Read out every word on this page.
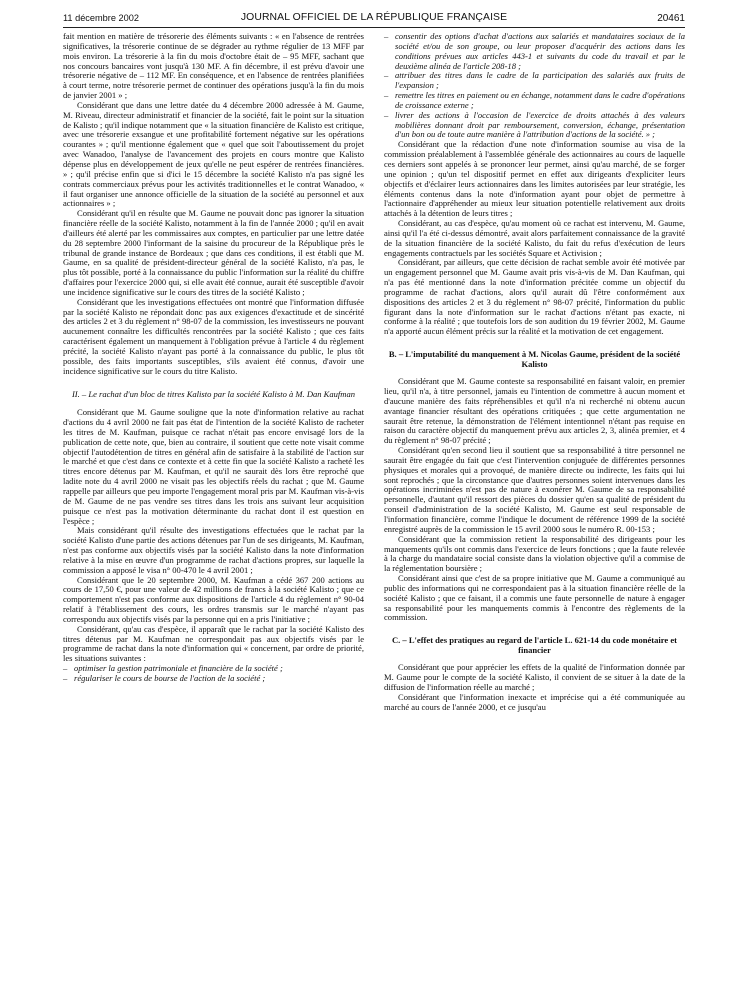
11 décembre 2002	JOURNAL OFFICIEL DE LA RÉPUBLIQUE FRANÇAISE	20461

fait mention en matière de trésorerie des éléments suivants : « en l'absence de rentrées significatives, la trésorerie continue de se dégrader au rythme régulier de 13 MFF par mois environ. La trésorerie à la fin du mois d'octobre était de – 95 MFF, sachant que nos concours bancaires vont jusqu'à 130 MF. A fin décembre, il est prévu d'avoir une trésorerie négative de – 112 MF. En conséquence, et en l'absence de rentrées planifiées à court terme, notre trésorerie permet de continuer des opérations jusqu'à la fin du mois de janvier 2001 » ;

Considérant que dans une lettre datée du 4 décembre 2000 adressée à M. Gaume, M. Riveau, directeur administratif et financier de la société, fait le point sur la situation de Kalisto ; qu'il indique notamment que « la situation financière de Kalisto est critique, avec une trésorerie exsangue et une profitabilité fortement négative sur les opérations courantes » ; qu'il mentionne également que « quel que soit l'aboutissement du projet avec Wanadoo, l'analyse de l'avancement des projets en cours montre que Kalisto dépense plus en développement de jeux qu'elle ne peut espérer de rentrées financières. » ; qu'il précise enfin que si d'ici le 15 décembre la société Kalisto n'a pas signé les contrats commerciaux prévus pour les activités traditionnelles et le contrat Wanadoo, « il faut organiser une annonce officielle de la situation de la société au personnel et aux actionnaires » ;

Considérant qu'il en résulte que M. Gaume ne pouvait donc pas ignorer la situation financière réelle de la société Kalisto, notamment à la fin de l'année 2000 ; qu'il en avait d'ailleurs été alerté par les commissaires aux comptes, en particulier par une lettre datée du 28 septembre 2000 l'informant de la saisine du procureur de la République près le tribunal de grande instance de Bordeaux ; que dans ces conditions, il est établi que M. Gaume, en sa qualité de président-directeur général de la société Kalisto, n'a pas, le plus tôt possible, porté à la connaissance du public l'information sur la réalité du chiffre d'affaires pour l'exercice 2000 qui, si elle avait été connue, aurait été susceptible d'avoir une incidence significative sur le cours des titres de la société Kalisto ;

Considérant que les investigations effectuées ont montré que l'information diffusée par la société Kalisto ne répondait donc pas aux exigences d'exactitude et de sincérité des articles 2 et 3 du règlement n° 98-07 de la commission, les investisseurs ne pouvant aucunement connaître les difficultés rencontrées par la société Kalisto ; que ces faits caractérisent également un manquement à l'obligation prévue à l'article 4 du règlement précité, la société Kalisto n'ayant pas porté à la connaissance du public, le plus tôt possible, des faits importants susceptibles, s'ils avaient été connus, d'avoir une incidence significative sur le cours du titre Kalisto.

II. – Le rachat d'un bloc de titres Kalisto par la société Kalisto à M. Dan Kaufman

Considérant que M. Gaume souligne que la note d'information relative au rachat d'actions du 4 avril 2000 ne fait pas état de l'intention de la société Kalisto de racheter les titres de M. Kaufman, puisque ce rachat n'était pas encore envisagé lors de la publication de cette note, que, bien au contraire, il soutient que cette note visait comme objectif l'autodétention de titres en général afin de satisfaire à la stabilité de l'action sur le marché et que c'est dans ce contexte et à cette fin que la société Kalisto a racheté les titres encore détenus par M. Kaufman, et qu'il ne saurait dès lors être reproché que ladite note du 4 avril 2000 ne visait pas les objectifs réels du rachat ; que M. Gaume rappelle par ailleurs que peu importe l'engagement moral pris par M. Kaufman vis-à-vis de M. Gaume de ne pas vendre ses titres dans les trois ans suivant leur acquisition puisque ce n'est pas la motivation déterminante du rachat dont il est question en l'espèce ;

Mais considérant qu'il résulte des investigations effectuées que le rachat par la société Kalisto d'une partie des actions détenues par l'un de ses dirigeants, M. Kaufman, n'est pas conforme aux objectifs visés par la société Kalisto dans la note d'information relative à la mise en œuvre d'un programme de rachat d'actions propres, sur laquelle la commission a apposé le visa n° 00-470 le 4 avril 2001 ;

Considérant que le 20 septembre 2000, M. Kaufman a cédé 367 200 actions au cours de 17,50 €, pour une valeur de 42 millions de francs à la société Kalisto ; que ce comportement n'est pas conforme aux dispositions de l'article 4 du règlement n° 90-04 relatif à l'établissement des cours, les ordres transmis sur le marché n'ayant pas correspondu aux objectifs visés par la personne qui en a pris l'initiative ;

Considérant, qu'au cas d'espèce, il apparaît que le rachat par la société Kalisto des titres détenus par M. Kaufman ne correspondait pas aux objectifs visés par le programme de rachat dans la note d'information qui « concernent, par ordre de priorité, les situations suivantes :

– optimiser la gestion patrimoniale et financière de la société ;

– régulariser le cours de bourse de l'action de la société ;

– consentir des options d'achat d'actions aux salariés et mandataires sociaux de la société et/ou de son groupe, ou leur proposer d'acquérir des actions dans les conditions prévues aux articles 443-1 et suivants du code du travail et par le deuxième alinéa de l'article 208-18 ;

– attribuer des titres dans le cadre de la participation des salariés aux fruits de l'expansion ;

– remettre les titres en paiement ou en échange, notamment dans le cadre d'opérations de croissance externe ;

– livrer des actions à l'occasion de l'exercice de droits attachés à des valeurs mobilières donnant droit par remboursement, conversion, échange, présentation d'un bon ou de toute autre manière à l'attribution d'actions de la société. » ;

Considérant que la rédaction d'une note d'information soumise au visa de la commission préalablement à l'assemblée générale des actionnaires au cours de laquelle ces derniers sont appelés à se prononcer leur permet, ainsi qu'au marché, de se forger une opinion ; qu'un tel dispositif permet en effet aux dirigeants d'expliciter leurs objectifs et d'éclairer leurs actionnaires dans les limites autorisées par leur stratégie, les éléments contenus dans la note d'information ayant pour objet de permettre à l'actionnaire d'appréhender au mieux leur situation potentielle relativement aux droits attachés à la détention de leurs titres ;

Considérant, au cas d'espèce, qu'au moment où ce rachat est intervenu, M. Gaume, ainsi qu'il l'a été ci-dessus démontré, avait alors parfaitement connaissance de la gravité de la situation financière de la société Kalisto, du fait du refus d'exécution de leurs engagements contractuels par les sociétés Square et Activision ;

Considérant, par ailleurs, que cette décision de rachat semble avoir été motivée par un engagement personnel que M. Gaume avait pris vis-à-vis de M. Dan Kaufman, qui n'a pas été mentionné dans la note d'information précitée comme un objectif du programme de rachat d'actions, alors qu'il aurait dû l'être conformément aux dispositions des articles 2 et 3 du règlement n° 98-07 précité, l'information du public figurant dans la note d'information sur le rachat d'actions n'étant pas exacte, ni conforme à la réalité ; que toutefois lors de son audition du 19 février 2002, M. Gaume n'a apporté aucun élément précis sur la réalité et la motivation de cet engagement.

B. – L'imputabilité du manquement à M. Nicolas Gaume, président de la société Kalisto

Considérant que M. Gaume conteste sa responsabilité en faisant valoir, en premier lieu, qu'il n'a, à titre personnel, jamais eu l'intention de commettre à aucun moment et d'aucune manière des faits répréhensibles et qu'il n'a ni recherché ni obtenu aucun avantage financier résultant des opérations critiquées ; que cette argumentation ne saurait être retenue, la démonstration de l'élément intentionnel n'étant pas requise en raison du caractère objectif du manquement prévu aux articles 2, 3, alinéa premier, et 4 du règlement n° 98-07 précité ;

Considérant qu'en second lieu il soutient que sa responsabilité à titre personnel ne saurait être engagée du fait que c'est l'intervention conjuguée de différentes personnes physiques et morales qui a provoqué, de manière directe ou indirecte, les faits qui lui sont reprochés ; que la circonstance que d'autres personnes soient intervenues dans les opérations incriminées n'est pas de nature à exonérer M. Gaume de sa responsabilité personnelle, d'autant qu'il ressort des pièces du dossier qu'en sa qualité de président du conseil d'administration de la société Kalisto, M. Gaume est seul responsable de l'information financière, comme l'indique le document de référence 1999 de la société enregistré auprès de la commission le 15 avril 2000 sous le numéro R. 00-153 ;

Considérant que la commission retient la responsabilité des dirigeants pour les manquements qu'ils ont commis dans l'exercice de leurs fonctions ; que la faute relevée à la charge du mandataire social consiste dans la violation objective qu'il a commise de la réglementation boursière ;

Considérant ainsi que c'est de sa propre initiative que M. Gaume a communiqué au public des informations qui ne correspondaient pas à la situation financière réelle de la société Kalisto ; que ce faisant, il a commis une faute personnelle de nature à engager sa responsabilité pour les manquements commis à l'encontre des règlements de la commission.

C. – L'effet des pratiques au regard de l'article L. 621-14 du code monétaire et financier

Considérant que pour apprécier les effets de la qualité de l'information donnée par M. Gaume pour le compte de la société Kalisto, il convient de se situer à la date de la diffusion de l'information réelle au marché ;

Considérant que l'information inexacte et imprécise qui a été communiquée au marché au cours de l'année 2000, et ce jusqu'au
